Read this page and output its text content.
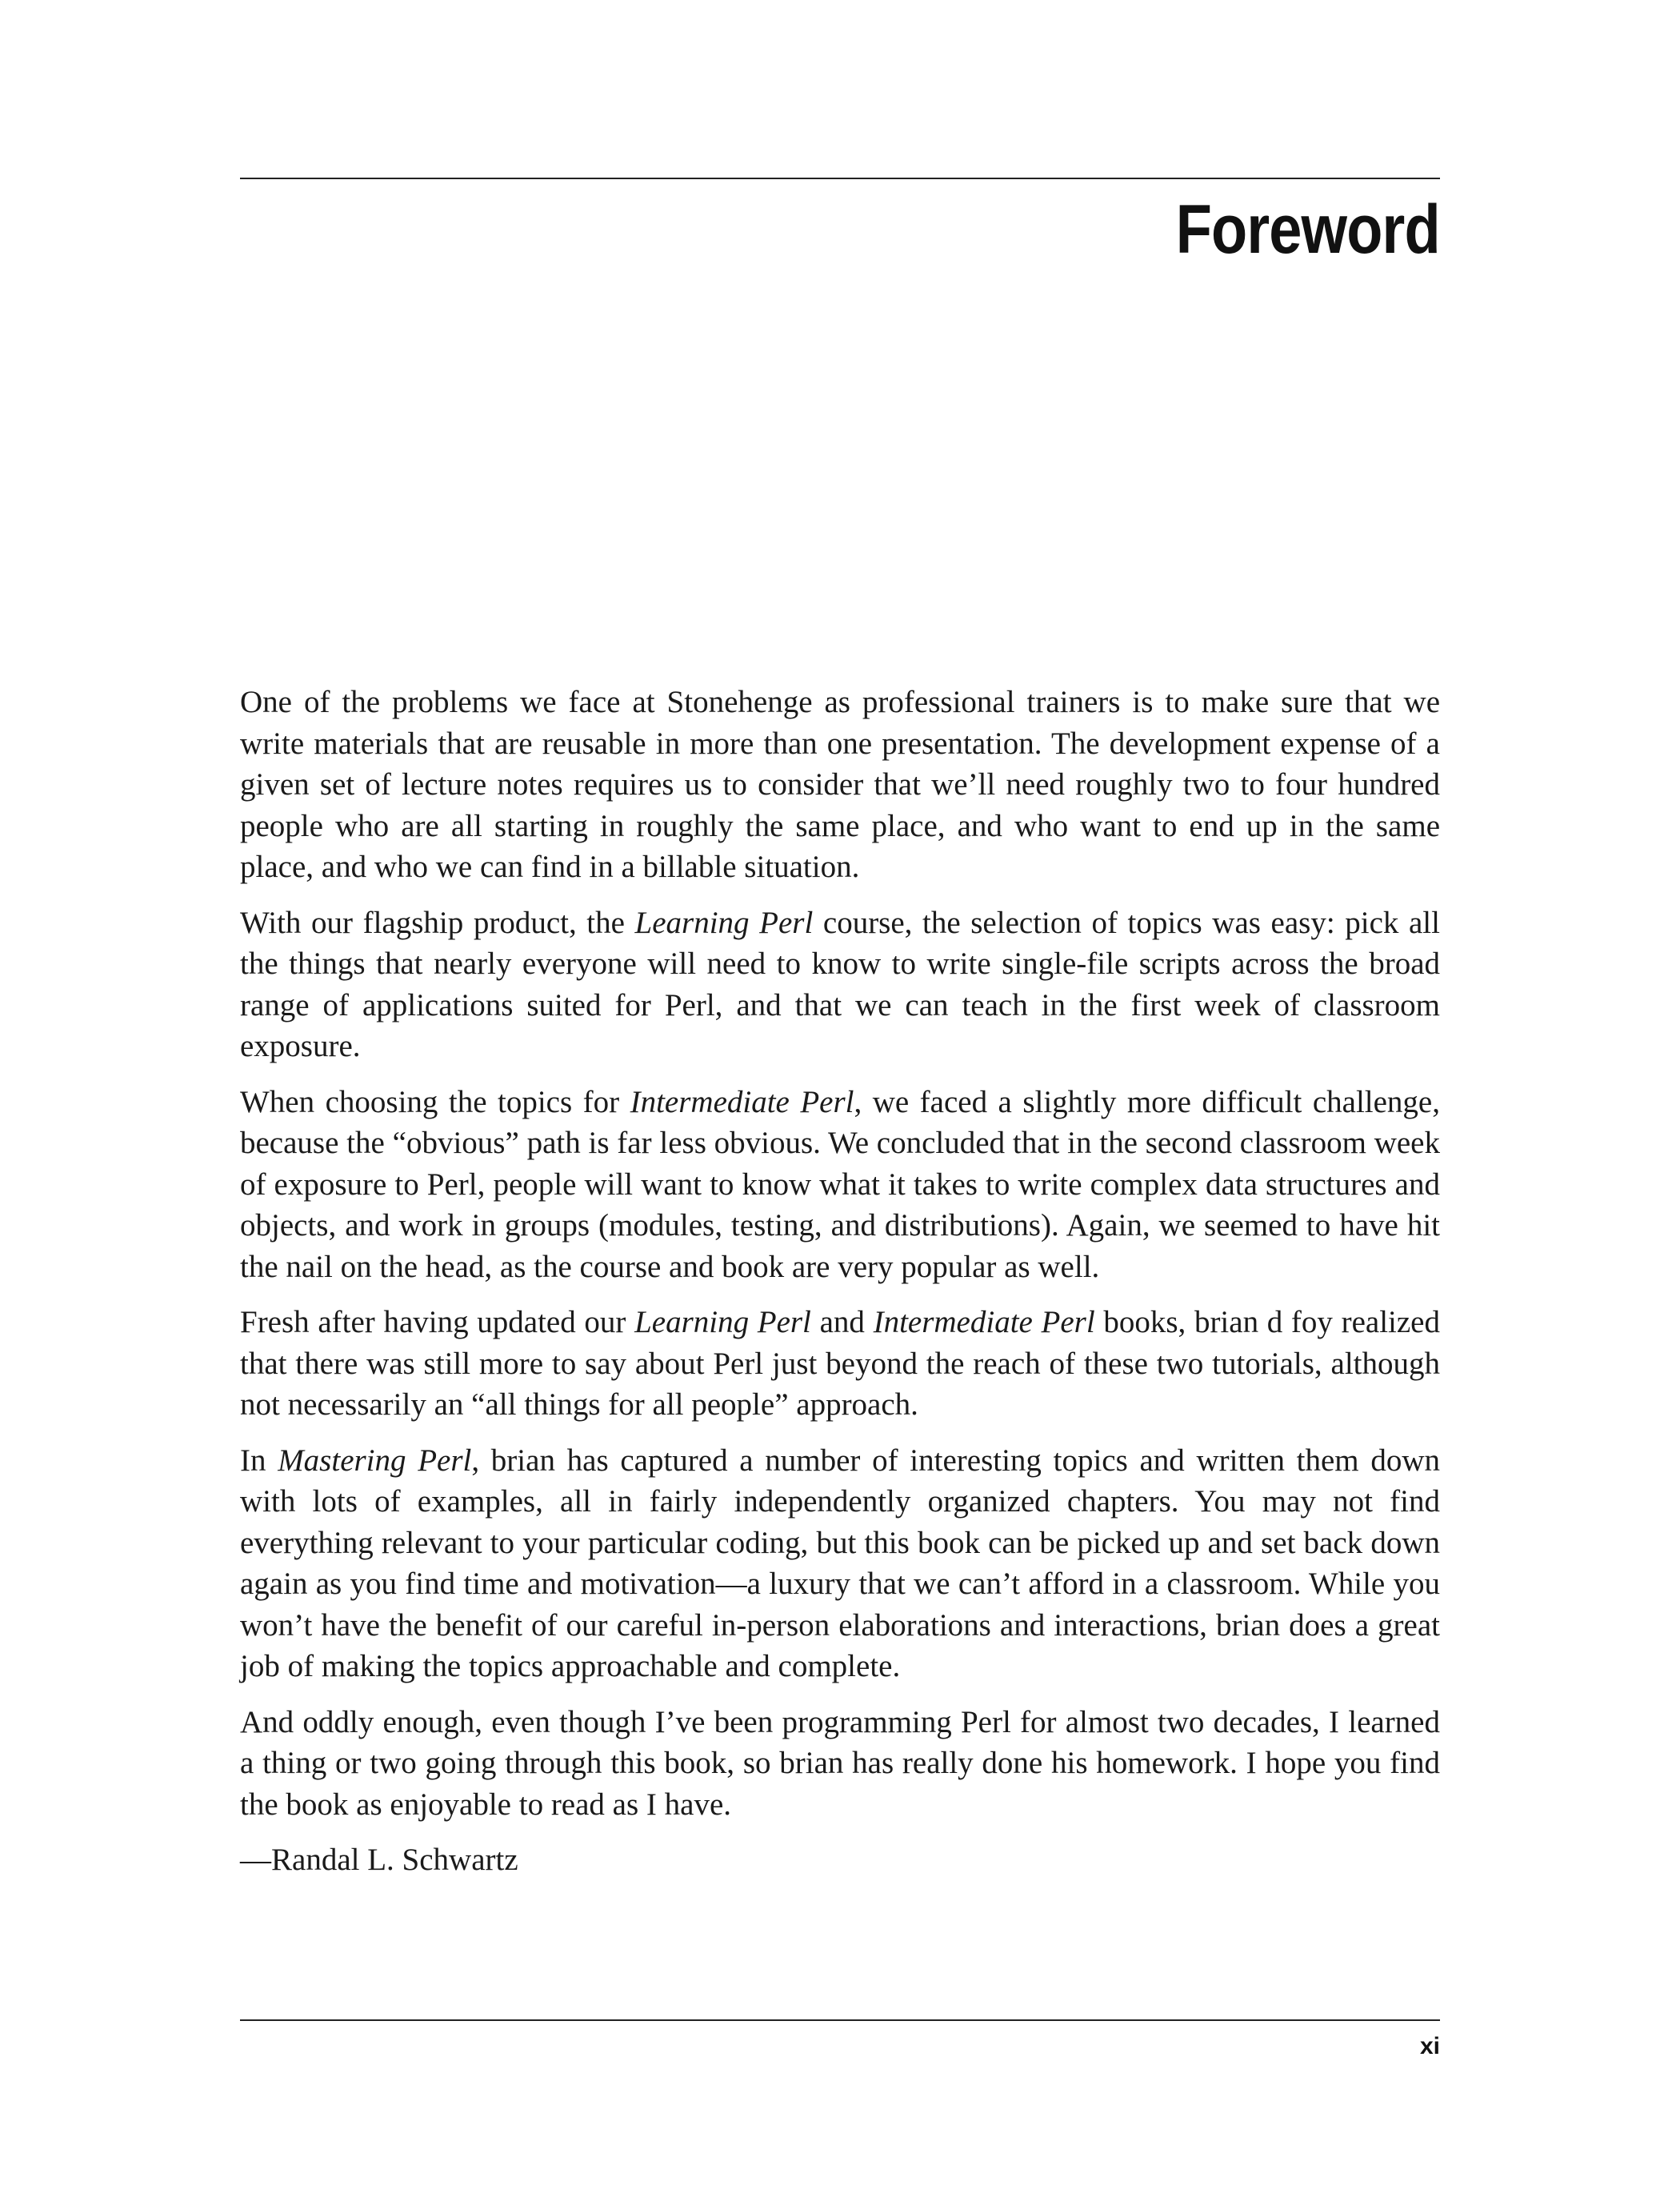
Foreword

One of the problems we face at Stonehenge as professional trainers is to make sure that we write materials that are reusable in more than one presentation. The development expense of a given set of lecture notes requires us to consider that we’ll need roughly two to four hundred people who are all starting in roughly the same place, and who want to end up in the same place, and who we can find in a billable situation.

With our flagship product, the Learning Perl course, the selection of topics was easy: pick all the things that nearly everyone will need to know to write single-file scripts across the broad range of applications suited for Perl, and that we can teach in the first week of classroom exposure.

When choosing the topics for Intermediate Perl, we faced a slightly more difficult challenge, because the “obvious” path is far less obvious. We concluded that in the second classroom week of exposure to Perl, people will want to know what it takes to write complex data structures and objects, and work in groups (modules, testing, and distributions). Again, we seemed to have hit the nail on the head, as the course and book are very popular as well.

Fresh after having updated our Learning Perl and Intermediate Perl books, brian d foy realized that there was still more to say about Perl just beyond the reach of these two tutorials, although not necessarily an “all things for all people” approach.

In Mastering Perl, brian has captured a number of interesting topics and written them down with lots of examples, all in fairly independently organized chapters. You may not find everything relevant to your particular coding, but this book can be picked up and set back down again as you find time and motivation—a luxury that we can’t afford in a classroom. While you won’t have the benefit of our careful in-person elaborations and interactions, brian does a great job of making the topics approachable and complete.

And oddly enough, even though I’ve been programming Perl for almost two decades, I learned a thing or two going through this book, so brian has really done his homework. I hope you find the book as enjoyable to read as I have.

—Randal L. Schwartz

xi
